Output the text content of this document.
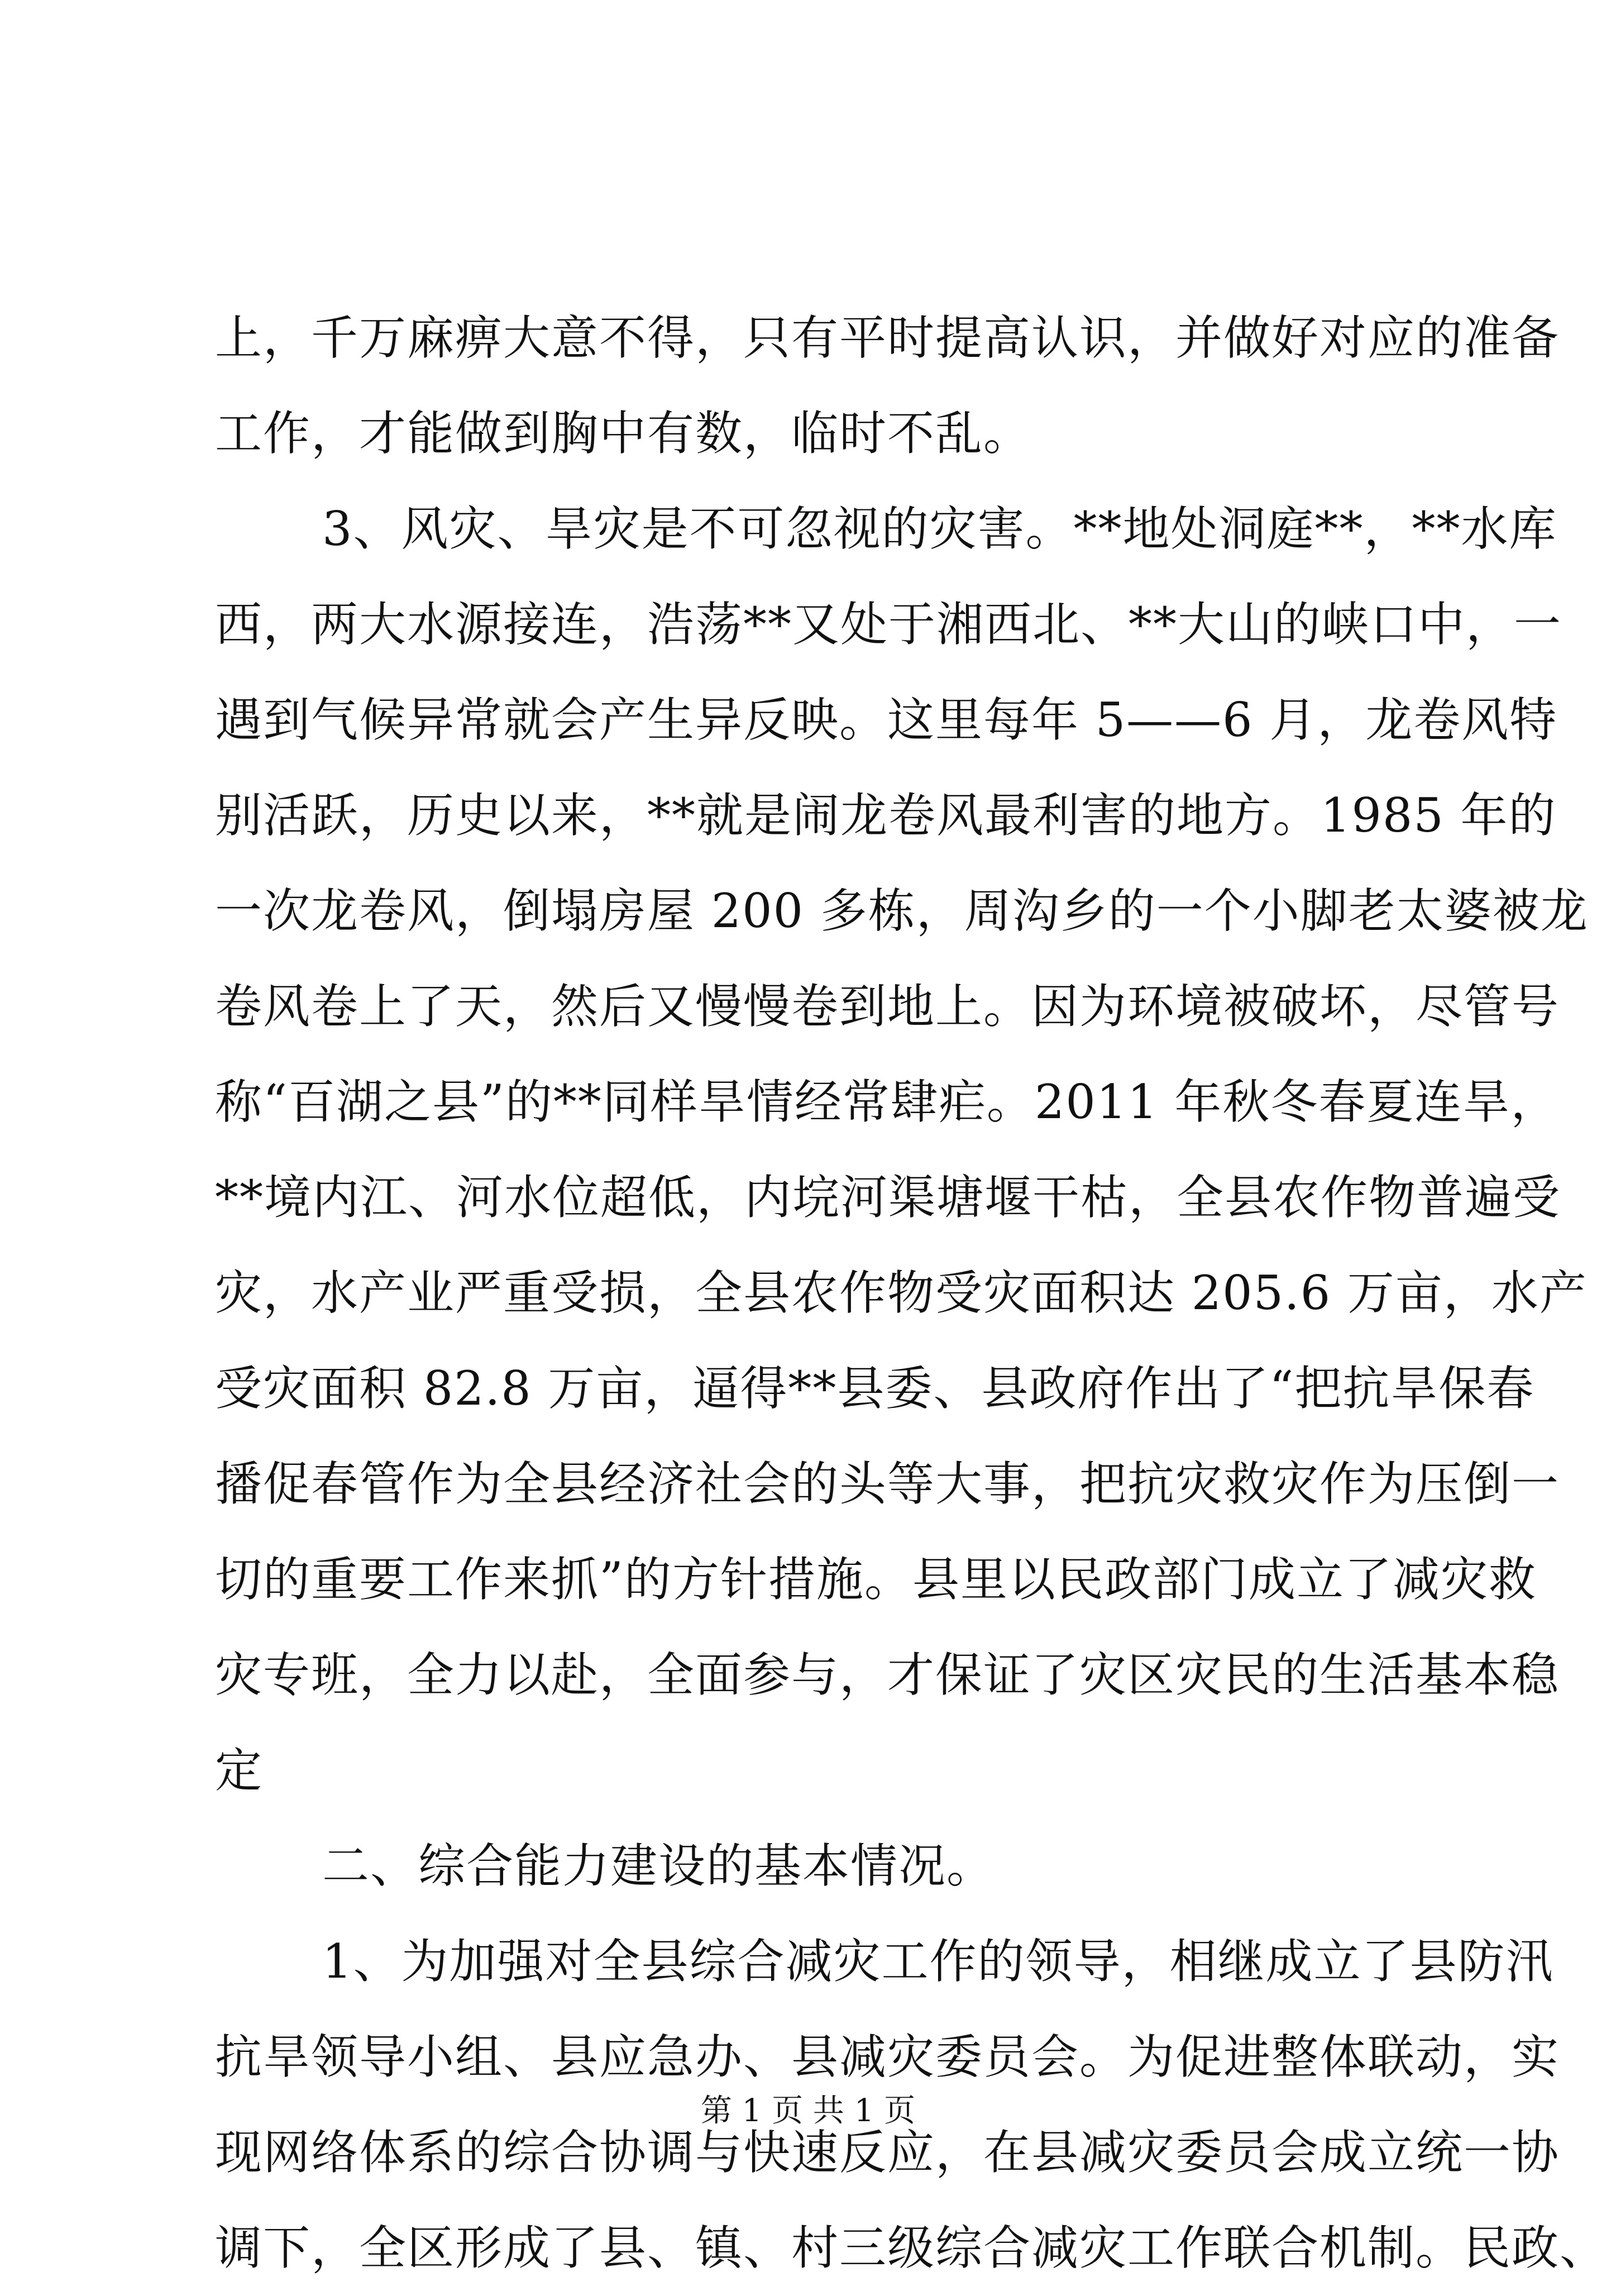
上，千万麻痹大意不得，只有平时提高认识，并做好对应的准备
工作，才能做到胸中有数，临时不乱。
3、风灾、旱灾是不可忽视的灾害。**地处洞庭**，**水库
西，两大水源接连，浩荡**又处于湘西北、**大山的峡口中，一
遇到气候异常就会产生异反映。这里每年 5——6 月，龙卷风特
别活跃，历史以来，**就是闹龙卷风最利害的地方。1985 年的
一次龙卷风，倒塌房屋 200 多栋，周沟乡的一个小脚老太婆被龙
卷风卷上了天，然后又慢慢卷到地上。因为环境被破坏，尽管号
称“百湖之县”的**同样旱情经常肆疟。2011 年秋冬春夏连旱，
**境内江、河水位超低，内垸河渠塘堰干枯，全县农作物普遍受
灾，水产业严重受损，全县农作物受灾面积达 205.6 万亩，水产
受灾面积 82.8 万亩，逼得**县委、县政府作出了“把抗旱保春
播促春管作为全县经济社会的头等大事，把抗灾救灾作为压倒一
切的重要工作来抓”的方针措施。县里以民政部门成立了减灾救
灾专班，全力以赴，全面参与，才保证了灾区灾民的生活基本稳
定
二、综合能力建设的基本情况。
1、为加强对全县综合减灾工作的领导，相继成立了县防汛
抗旱领导小组、县应急办、县减灾委员会。为促进整体联动，实
现网络体系的综合协调与快速反应，在县减灾委员会成立统一协
调下，全区形成了县、镇、村三级综合减灾工作联合机制。民政、
第 1 页 共 1 页
